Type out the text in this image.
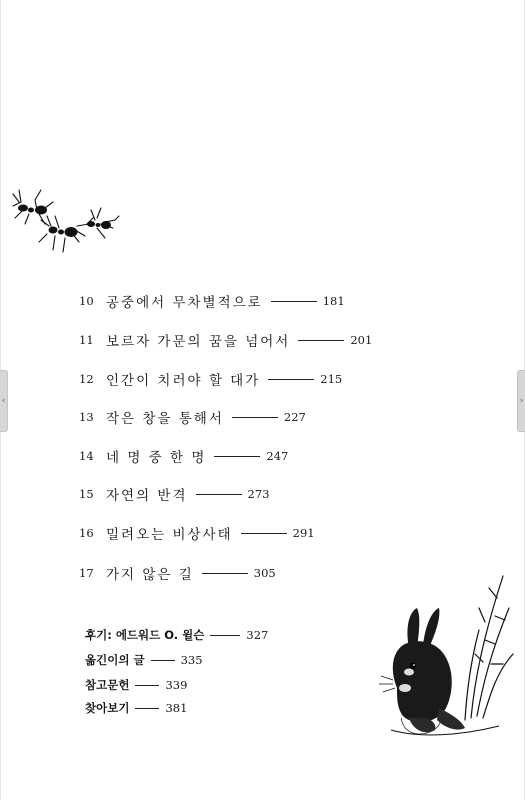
10 공중에서 무차별적으로	181
11 보르자 가문의 꿈을 넘어서	201
12 인간이 치러야 할 대가	215
13 작은 창을 통해서	227
14 네 명 중 한 명	247
15 자연의 반격	273
16 밀려오는 비상사태	291
17 가지 않은 길	305
후기: 에드워드 O. 윌슨	327
옮긴이의 글	335
참고문헌	339
찾아보기	381
‹	›
